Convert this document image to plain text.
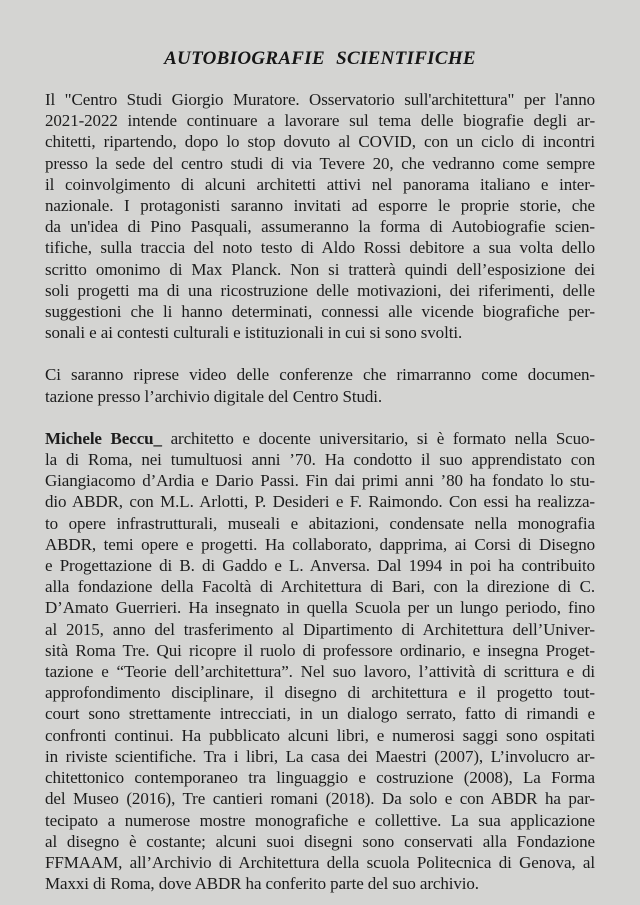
AUTOBIOGRAFIE SCIENTIFICHE
Il "Centro Studi Giorgio Muratore. Osservatorio sull'architettura" per l'anno
2021-2022 intende continuare a lavorare sul tema delle biografie degli ar-
chitetti, ripartendo, dopo lo stop dovuto al COVID, con un ciclo di incontri
presso la sede del centro studi di via Tevere 20, che vedranno come sempre
il coinvolgimento di alcuni architetti attivi nel panorama italiano e inter-
nazionale. I protagonisti saranno invitati ad esporre le proprie storie, che
da un'idea di Pino Pasquali, assumeranno la forma di Autobiografie scien-
tifiche, sulla traccia del noto testo di Aldo Rossi debitore a sua volta dello
scritto omonimo di Max Planck. Non si tratterà quindi dell’esposizione dei
soli progetti ma di una ricostruzione delle motivazioni, dei riferimenti, delle
suggestioni che li hanno determinati, connessi alle vicende biografiche per-
sonali e ai contesti culturali e istituzionali in cui si sono svolti.
Ci saranno riprese video delle conferenze che rimarranno come documen-
tazione presso l’archivio digitale del Centro Studi.
Michele Beccu_ architetto e docente universitario, si è formato nella Scuo-
la di Roma, nei tumultuosi anni ’70. Ha condotto il suo apprendistato con
Giangiacomo d’Ardia e Dario Passi. Fin dai primi anni ’80 ha fondato lo stu-
dio ABDR, con M.L. Arlotti, P. Desideri e F. Raimondo. Con essi ha realizza-
to opere infrastrutturali, museali e abitazioni, condensate nella monografia
ABDR, temi opere e progetti. Ha collaborato, dapprima, ai Corsi di Disegno
e Progettazione di B. di Gaddo e L. Anversa. Dal 1994 in poi ha contribuito
alla fondazione della Facoltà di Architettura di Bari, con la direzione di C.
D’Amato Guerrieri. Ha insegnato in quella Scuola per un lungo periodo, fino
al 2015, anno del trasferimento al Dipartimento di Architettura dell’Univer-
sità Roma Tre. Qui ricopre il ruolo di professore ordinario, e insegna Proget-
tazione e “Teorie dell’architettura”. Nel suo lavoro, l’attività di scrittura e di
approfondimento disciplinare, il disegno di architettura e il progetto tout-
court sono strettamente intrecciati, in un dialogo serrato, fatto di rimandi e
confronti continui. Ha pubblicato alcuni libri, e numerosi saggi sono ospitati
in riviste scientifiche. Tra i libri, La casa dei Maestri (2007), L’involucro ar-
chitettonico contemporaneo tra linguaggio e costruzione (2008), La Forma
del Museo (2016), Tre cantieri romani (2018). Da solo e con ABDR ha par-
tecipato a numerose mostre monografiche e collettive. La sua applicazione
al disegno è costante; alcuni suoi disegni sono conservati alla Fondazione
FFMAAM, all’Archivio di Architettura della scuola Politecnica di Genova, al
Maxxi di Roma, dove ABDR ha conferito parte del suo archivio.
